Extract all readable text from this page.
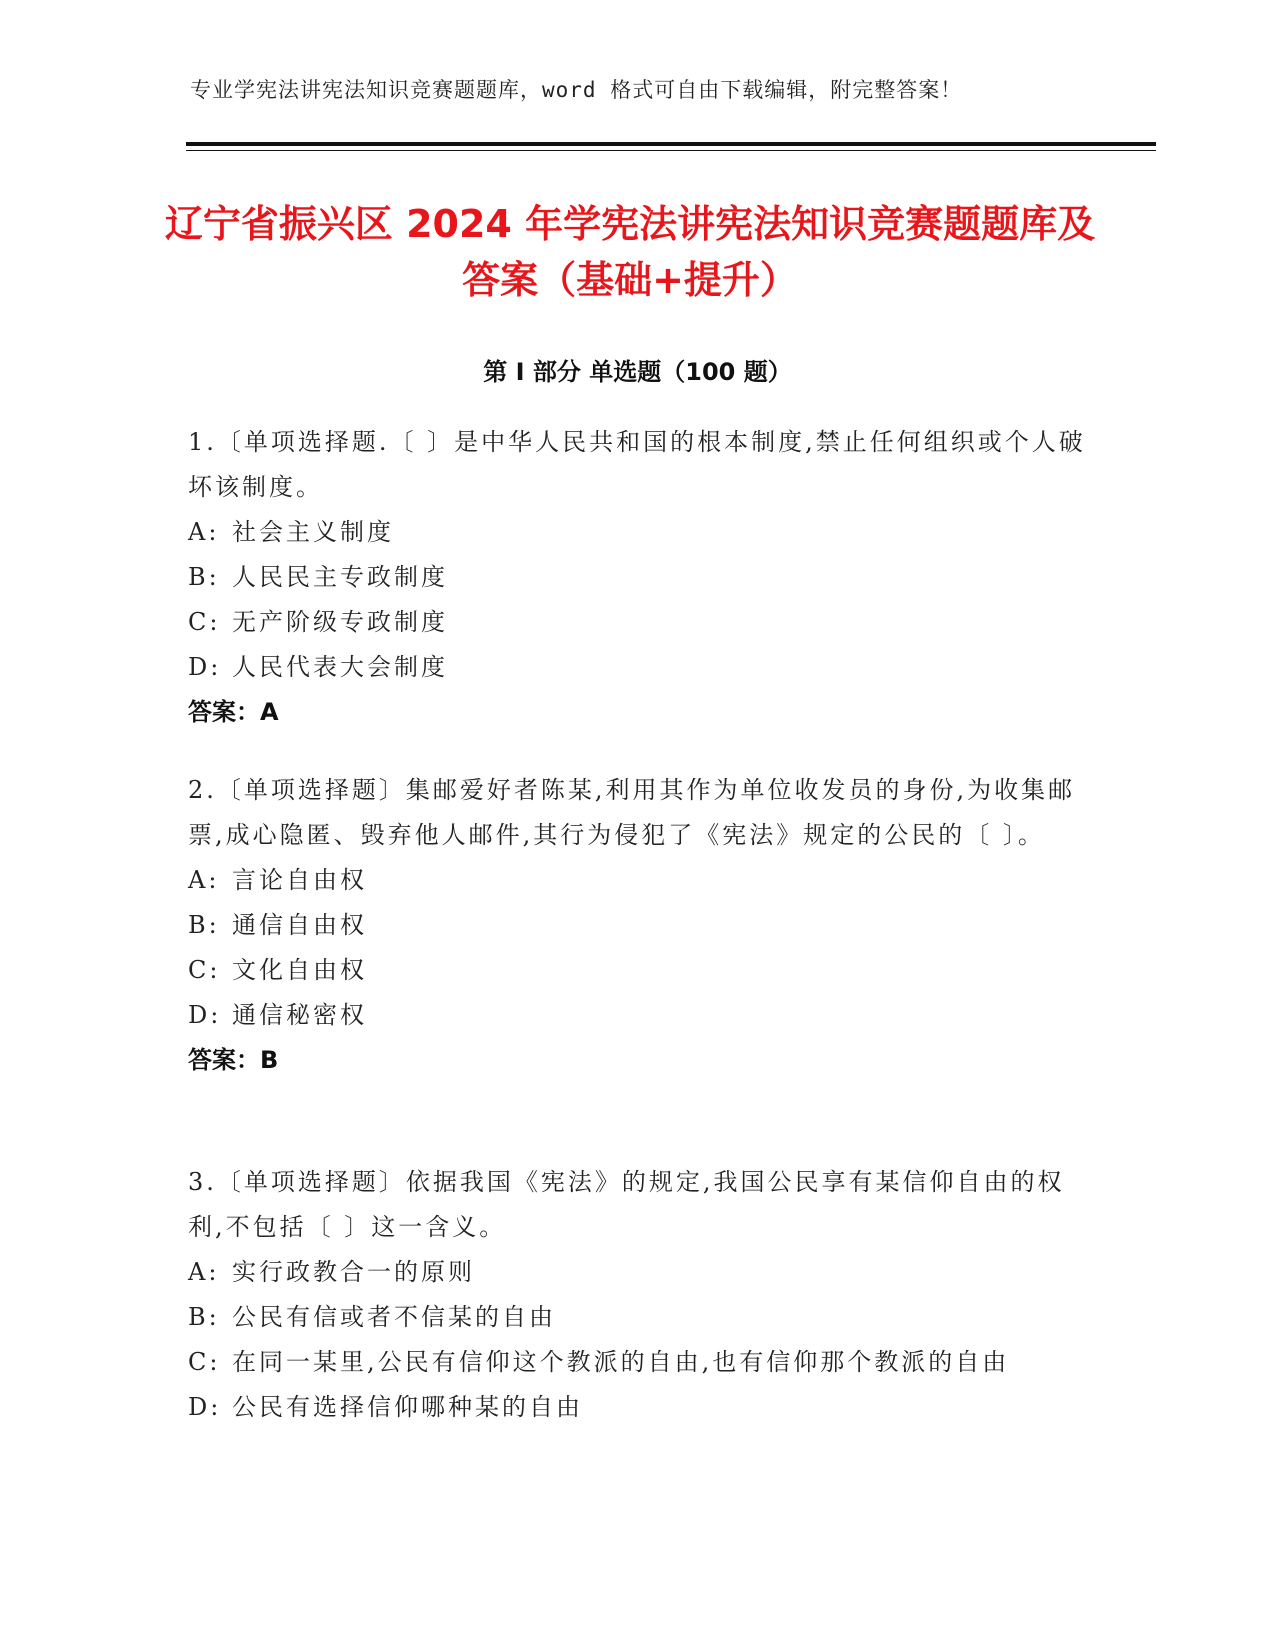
专业学宪法讲宪法知识竞赛题题库，word 格式可自由下载编辑，附完整答案！
辽宁省振兴区 2024 年学宪法讲宪法知识竞赛题题库及答案（基础+提升）
第 I 部分 单选题（100 题）

1.〔单项选择题.〔 〕是中华人民共和国的根本制度,禁止任何组织或个人破坏该制度。

A: 社会主义制度
B: 人民民主专政制度
C: 无产阶级专政制度
D: 人民代表大会制度
答案：A

2.〔单项选择题〕集邮爱好者陈某,利用其作为单位收发员的身份,为收集邮票,成心隐匿、毁弃他人邮件,其行为侵犯了《宪法》规定的公民的〔 〕。

A: 言论自由权
B: 通信自由权
C: 文化自由权
D: 通信秘密权
答案：B

3.〔单项选择题〕依据我国《宪法》的规定,我国公民享有某信仰自由的权利,不包括〔 〕这一含义。

A: 实行政教合一的原则
B: 公民有信或者不信某的自由
C: 在同一某里,公民有信仰这个教派的自由,也有信仰那个教派的自由
D: 公民有选择信仰哪种某的自由
